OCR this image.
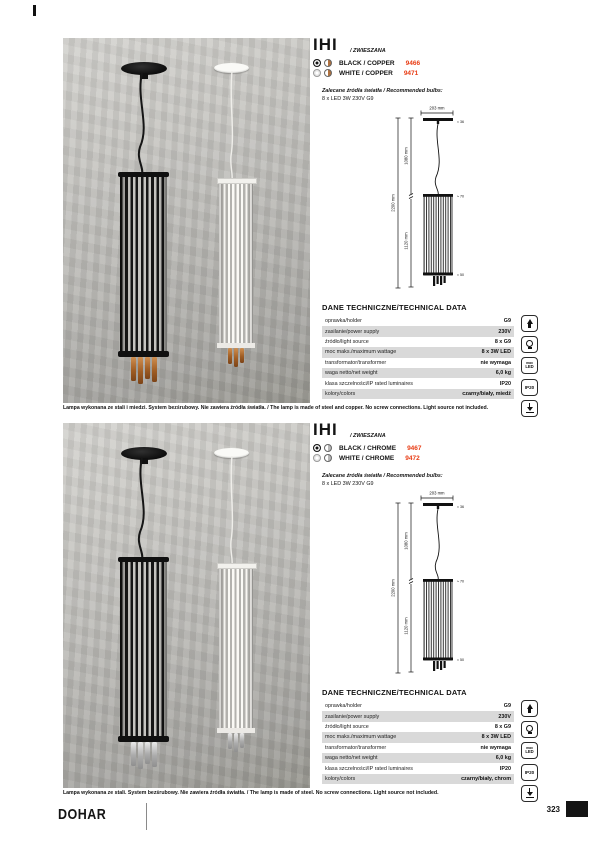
IHI / ZWIESZANA
BLACK / COPPER 9466
WHITE / COPPER 9471
Zalecane źródła światła / Recommended bulbs:
8 x LED 3W 230V G9
203 mm
2200 mm
1080 mm
1120 mm
≈ 36
≈ 70
≈ 50
DANE TECHNICZNE/TECHNICAL DATA
oprawka/holder	G9
zasilanie/power supply	230V
źródło/light source	8 x G9
moc maks./maximum wattage	8 x 3W LED
transformator/transformer	nie wymaga
waga netto/net weight	6,0 kg
klasa szczelności/IP rated luminaires	IP20
kolory/colors	czarny/biały, miedź
max
LED
IP20
Lampa wykonana ze stali i miedzi. System bezśrubowy. Nie zawiera źródła światła. / The lamp is made of steel and copper. No screw connections. Light source not included.
IHI / ZWIESZANA
BLACK / CHROME 9467
WHITE / CHROME 9472
Zalecane źródła światła / Recommended bulbs:
8 x LED 3W 230V G9
203 mm
2200 mm
1080 mm
1120 mm
≈ 36
≈ 70
≈ 50
DANE TECHNICZNE/TECHNICAL DATA
oprawka/holder	G9
zasilanie/power supply	230V
źródło/light source	8 x G9
moc maks./maximum wattage	8 x 3W LED
transformator/transformer	nie wymaga
waga netto/net weight	6,0 kg
klasa szczelności/IP rated luminaires	IP20
kolory/colors	czarny/biały, chrom
max
LED
IP20
Lampa wykonana ze stali. System bezśrubowy. Nie zawiera źródła światła. / The lamp is made of steel. No screw connections. Light source not included.
DOHAR	323
